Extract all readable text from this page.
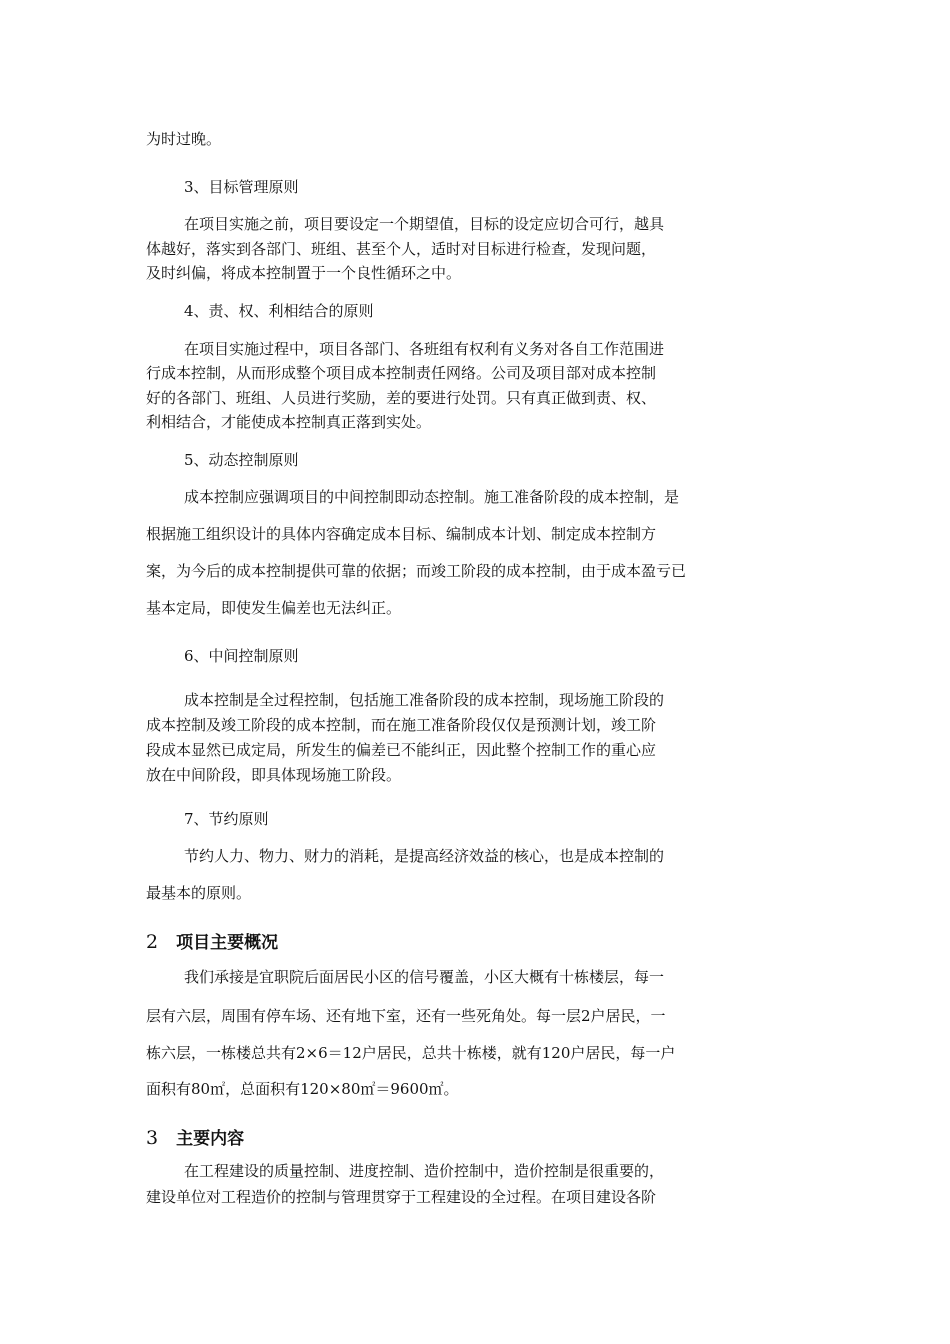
为时过晚。

3、目标管理原则

在项目实施之前，项目要设定一个期望值，目标的设定应切合可行，越具

体越好，落实到各部门、班组、甚至个人，适时对目标进行检查，发现问题，

及时纠偏，将成本控制置于一个良性循环之中。

4、责、权、利相结合的原则

在项目实施过程中，项目各部门、各班组有权利有义务对各自工作范围进

行成本控制，从而形成整个项目成本控制责任网络。公司及项目部对成本控制

好的各部门、班组、人员进行奖励，差的要进行处罚。只有真正做到责、权、

利相结合，才能使成本控制真正落到实处。

5、动态控制原则

成本控制应强调项目的中间控制即动态控制。施工准备阶段的成本控制，是

根据施工组织设计的具体内容确定成本目标、编制成本计划、制定成本控制方

案，为今后的成本控制提供可靠的依据；而竣工阶段的成本控制，由于成本盈亏已

基本定局，即使发生偏差也无法纠正。

6、中间控制原则

成本控制是全过程控制，包括施工准备阶段的成本控制，现场施工阶段的

成本控制及竣工阶段的成本控制，而在施工准备阶段仅仅是预测计划，竣工阶

段成本显然已成定局，所发生的偏差已不能纠正，因此整个控制工作的重心应

放在中间阶段，即具体现场施工阶段。

7、节约原则

节约人力、物力、财力的消耗，是提高经济效益的核心，也是成本控制的

最基本的原则。

2 项目主要概况

我们承接是宜职院后面居民小区的信号覆盖，小区大概有十栋楼层，每一

层有六层，周围有停车场、还有地下室，还有一些死角处。每一层2户居民，一

栋六层，一栋楼总共有2×6＝12户居民，总共十栋楼，就有120户居民，每一户

面积有80㎡，总面积有120×80㎡＝9600㎡。

3 主要内容

在工程建设的质量控制、进度控制、造价控制中，造价控制是很重要的，

建设单位对工程造价的控制与管理贯穿于工程建设的全过程。在项目建设各阶
